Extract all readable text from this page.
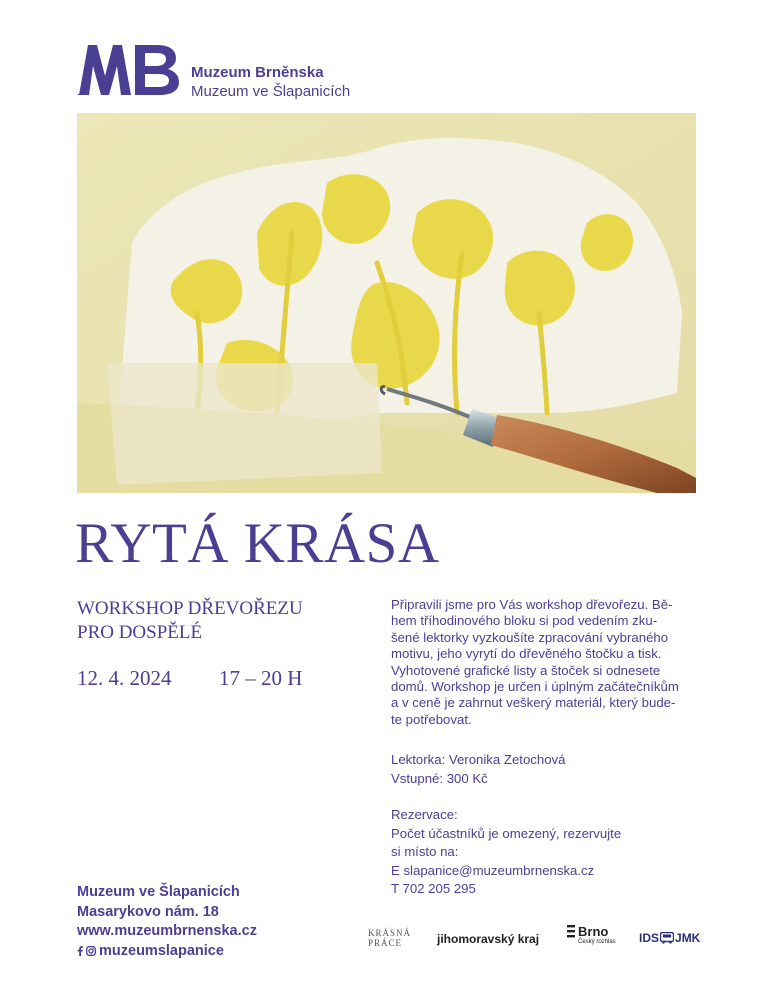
Muzeum Brněnska
Muzeum ve Šlapanicích
RYTÁ KRÁSA
WORKSHOP DŘEVOŘEZU
PRO DOSPĚLÉ
12. 4. 2024 17 – 20 H

Připravili jsme pro Vás workshop dřevořezu. Bě-

hem tříhodinového bloku si pod vedením zku-

šené lektorky vyzkoušíte zpracování vybraného

motivu, jeho vyrytí do dřevěného štočku a tisk.

Vyhotovené grafické listy a štoček si odnesete

domů. Workshop je určen i úplným začátečníkům

a v ceně je zahrnut veškerý materiál, který bude-

te potřebovat.

Lektorka: Veronika Zetochová
Vstupné: 300 Kč
Rezervace:
Počet účastníků je omezený, rezervujte
si místo na:
E slapanice@muzeumbrnenska.cz
T 702 205 295
Muzeum ve Šlapanicích
Masarykovo nám. 18
www.muzeumbrnenska.cz
muzeumslapanice
KRÁSNÁ
PRÁCE	jihomoravský kraj	Brno
Český rozhlas IDS JMK
